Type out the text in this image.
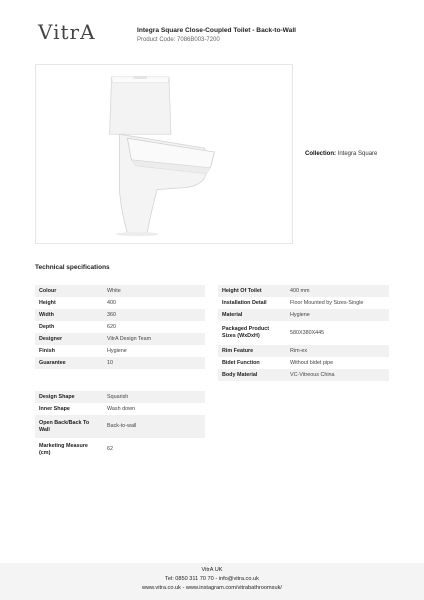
VitrA	Integra Square Close-Coupled Toilet - Back-to-Wall
Product Code: 7086B003-7200
Collection: Integra Square
Technical specifications
Colour	White
Height	400
Width	360
Depth	620
Designer	VitrA Design Team
Finish	Hygiene
Guarantee	10
Height Of Toilet	400 mm
Installation Detail	Floor Mounted by Sizes-Single
Material	Hygiene
Packaged Product Sizes (WxDxH)	580X380X445
Rim Feature	Rim-ex
Bidet Function	Without bidet pipe
Body Material	VC-Vitreous China
Design Shape	Squarish
Inner Shape	Wash down
Open Back/Back To Wall	Back-to-wall
Marketing Measure (cm)	62
VitrA UK
Tel: 0850 311 70 70 - info@vitra.co.uk
www.vitra.co.uk - www.instagram.com/vitrabathroomsuk/
